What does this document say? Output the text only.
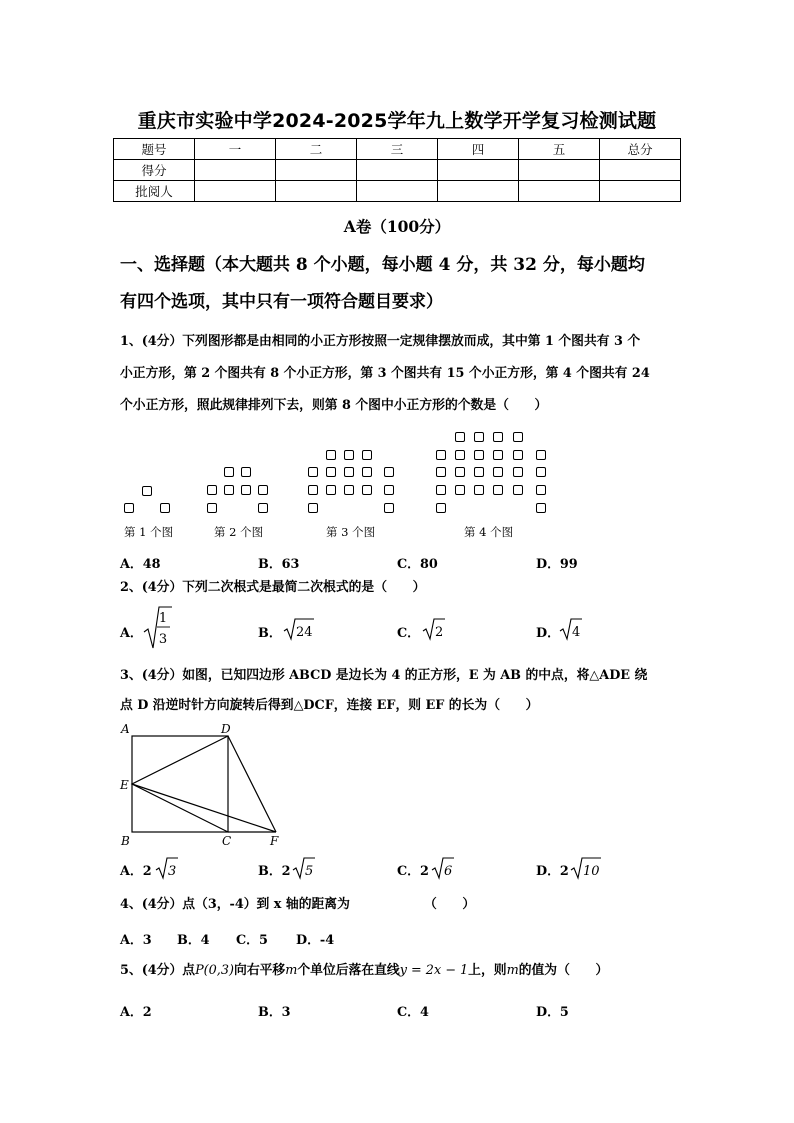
重庆市实验中学2024-2025学年九上数学开学复习检测试题
题号	一	二	三	四	五	总分
得分						
批阅人						
A卷（100分）
一、选择题（本大题共 8 个小题，每小题 4 分，共 32 分，每小题均
有四个选项，其中只有一项符合题目要求）
1、(4分）下列图形都是由相同的小正方形按照一定规律摆放而成，其中第 1 个图共有 3 个
小正方形，第 2 个图共有 8 个小正方形，第 3 个图共有 15 个小正方形，第 4 个图共有 24
个小正方形，照此规律排列下去，则第 8 个图中小正方形的个数是（　　）
第 1 个图	第 2 个图	第 3 个图	第 4 个图
A．48	B．63	C．80	D．99
2、(4分）下列二次根式是最简二次根式的是（　　）
A．
1
3	B． 24	C． 2	D． 4
3、(4分）如图，已知四边形 ABCD 是边长为 4 的正方形，E 为 AB 的中点，将△ADE 绕
点 D 沿逆时针方向旋转后得到△DCF，连接 EF，则 EF 的长为（　　）
A	D
E
B	C	F
A．2 3	B．2 5	C．2 6	D．2 10
4、(4分）点（3，-4）到 x 轴的距离为	（　　）
A．3 B．4 C．5 D．-4
5、(4分）点P(0,3)向右平移m个单位后落在直线y = 2x − 1上，则m的值为（　　）
A．2	B．3	C．4	D．5
